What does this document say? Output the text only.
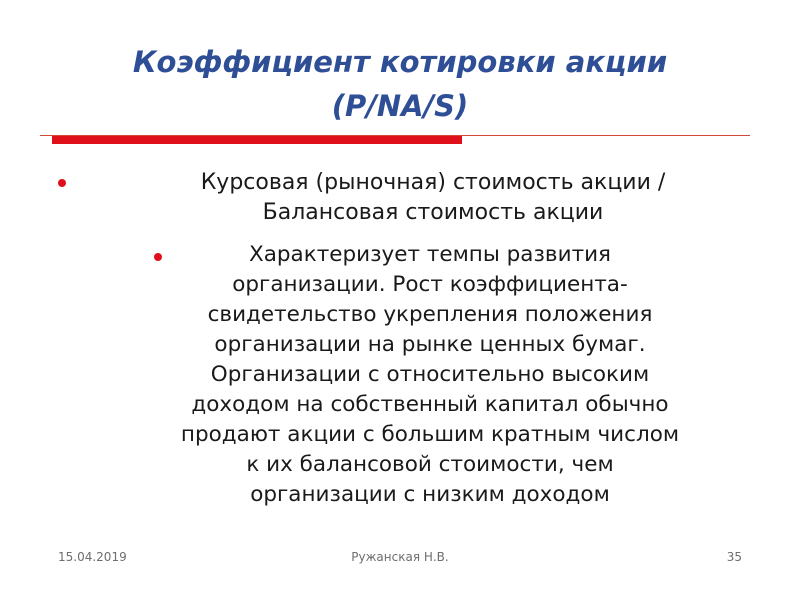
Коэффициент котировки акции
(P/NA/S)
Курсовая (рыночная) стоимость акции /
Балансовая стоимость акции
Характеризует темпы развития
организации. Рост коэффициента-
свидетельство укрепления положения
организации на рынке ценных бумаг.
Организации с относительно высоким
доходом на собственный капитал обычно
продают акции с большим кратным числом
к их балансовой стоимости, чем
организации с низким доходом
15.04.2019	Ружанская Н.В.	35
